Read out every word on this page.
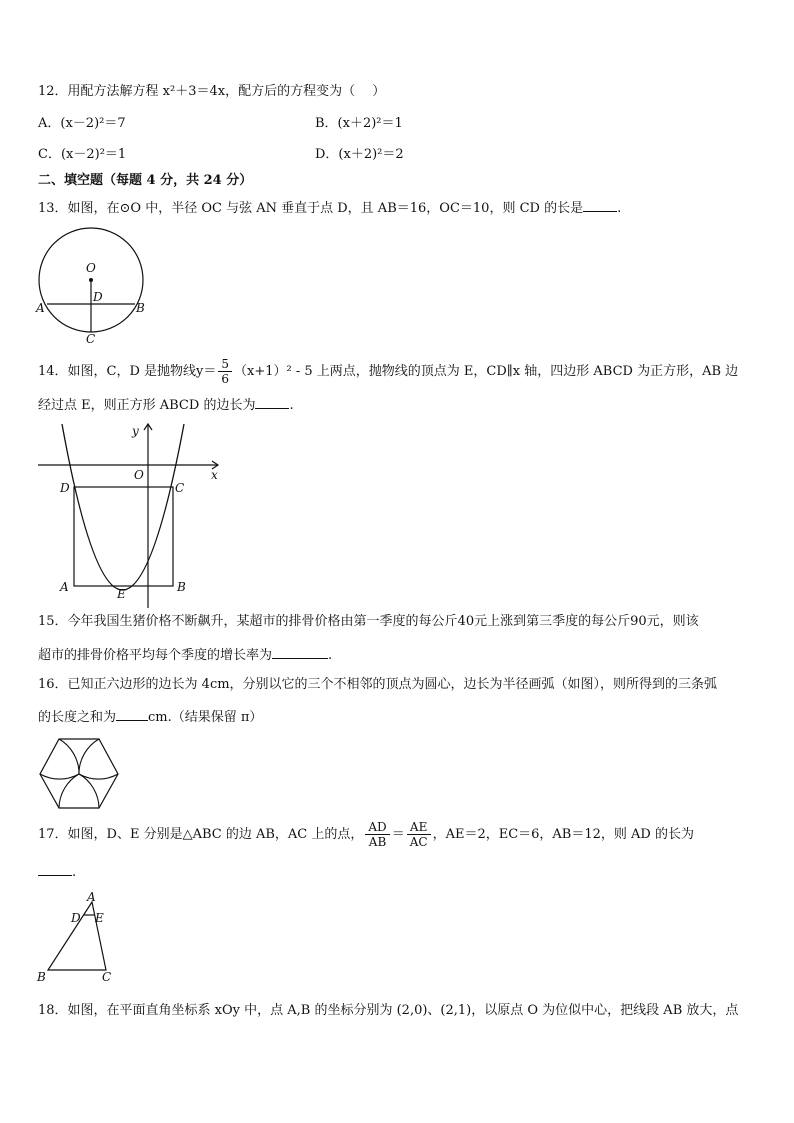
12．用配方法解方程 x²＋3＝4x，配方后的方程变为（　 ）
A．(x－2)²＝7	B．(x＋2)²＝1
C．(x－2)²＝1	D．(x＋2)²＝2
二、填空题（每题 4 分，共 24 分）
13．如图，在⊙O 中，半径 OC 与弦 AN 垂直于点 D，且 AB＝16，OC＝10，则 CD 的长是	.
O
D
A	B
C
14．如图，C，D 是抛物线$y= \frac{5}{6} (x+1)^2 - 5$ 上两点，抛物线的顶点为 E，CD∥x 轴，四边形 ABCD 为正方形，AB 边
经过点 E，则正方形 ABCD 的边长为	.
y
x
O
D	C
A	E	B
15．今年我国生猪价格不断飙升，某超市的排骨价格由第一季度的每公斤40元上涨到第三季度的每公斤90元，则该
超市的排骨价格平均每个季度的增长率为	.
16．已知正六边形的边长为 4cm，分别以它的三个不相邻的顶点为圆心，边长为半径画弧（如图），则所得到的三条弧
的长度之和为 cm.（结果保留 π）
17．如图，D、E 分别是△ABC 的边 AB，AC 上的点， $\frac{AD}{AB} = \frac{AE}{AC}$ ，AE＝2，EC＝6，AB＝12，则 AD 的长为
.
A
D E
B	C
18．如图，在平面直角坐标系 xOy 中，点 A,B 的坐标分别为 (2,0)、(2,1)，以原点 O 为位似中心，把线段 AB 放大，点
